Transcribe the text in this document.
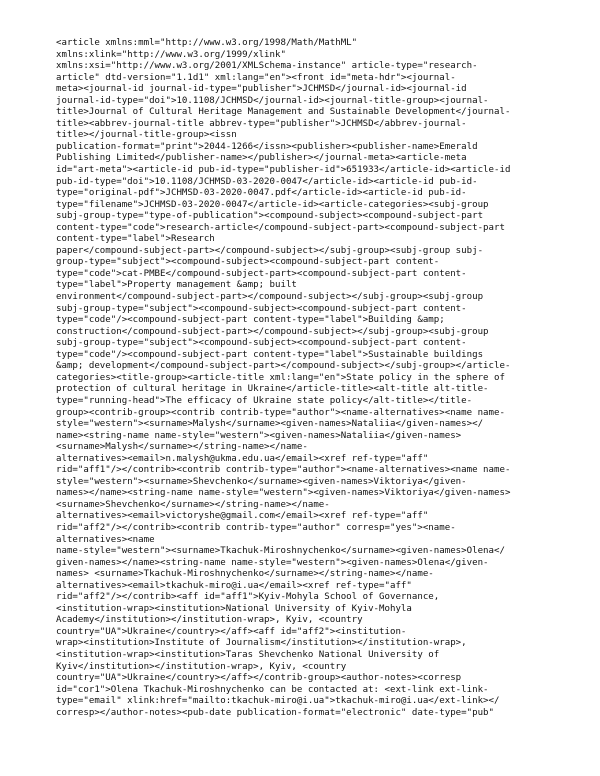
<article xmlns:mml="http://www.w3.org/1998/Math/MathML"
xmlns:xlink="http://www.w3.org/1999/xlink"
xmlns:xsi="http://www.w3.org/2001/XMLSchema-instance" article-type="research-
article" dtd-version="1.1d1" xml:lang="en"><front id="meta-hdr"><journal-
meta><journal-id journal-id-type="publisher">JCHMSD</journal-id><journal-id
journal-id-type="doi">10.1108/JCHMSD</journal-id><journal-title-group><journal-
title>Journal of Cultural Heritage Management and Sustainable Development</journal-
title><abbrev-journal-title abbrev-type="publisher">JCHMSD</abbrev-journal-
title></journal-title-group><issn
publication-format="print">2044-1266</issn><publisher><publisher-name>Emerald
Publishing Limited</publisher-name></publisher></journal-meta><article-meta
id="art-meta"><article-id pub-id-type="publisher-id">651933</article-id><article-id
pub-id-type="doi">10.1108/JCHMSD-03-2020-0047</article-id><article-id pub-id-
type="original-pdf">JCHMSD-03-2020-0047.pdf</article-id><article-id pub-id-
type="filename">JCHMSD-03-2020-0047</article-id><article-categories><subj-group
subj-group-type="type-of-publication"><compound-subject><compound-subject-part
content-type="code">research-article</compound-subject-part><compound-subject-part
content-type="label">Research
paper</compound-subject-part></compound-subject></subj-group><subj-group subj-
group-type="subject"><compound-subject><compound-subject-part content-
type="code">cat-PMBE</compound-subject-part><compound-subject-part content-
type="label">Property management &amp; built
environment</compound-subject-part></compound-subject></subj-group><subj-group
subj-group-type="subject"><compound-subject><compound-subject-part content-
type="code"/><compound-subject-part content-type="label">Building &amp;
construction</compound-subject-part></compound-subject></subj-group><subj-group
subj-group-type="subject"><compound-subject><compound-subject-part content-
type="code"/><compound-subject-part content-type="label">Sustainable buildings
&amp; development</compound-subject-part></compound-subject></subj-group></article-
categories><title-group><article-title xml:lang="en">State policy in the sphere of
protection of cultural heritage in Ukraine</article-title><alt-title alt-title-
type="running-head">The efficacy of Ukraine state policy</alt-title></title-
group><contrib-group><contrib contrib-type="author"><name-alternatives><name name-
style="western"><surname>Malysh</surname><given-names>Nataliia</given-names></
name><string-name name-style="western"><given-names>Nataliia</given-names>
<surname>Malysh</surname></string-name></name-
alternatives><email>n.malysh@ukma.edu.ua</email><xref ref-type="aff"
rid="aff1"/></contrib><contrib contrib-type="author"><name-alternatives><name name-
style="western"><surname>Shevchenko</surname><given-names>Viktoriya</given-
names></name><string-name name-style="western"><given-names>Viktoriya</given-names>
<surname>Shevchenko</surname></string-name></name-
alternatives><email>victoryshe@gmail.com</email><xref ref-type="aff"
rid="aff2"/></contrib><contrib contrib-type="author" corresp="yes"><name-
alternatives><name
name-style="western"><surname>Tkachuk-Miroshnychenko</surname><given-names>Olena</
given-names></name><string-name name-style="western"><given-names>Olena</given-
names> <surname>Tkachuk-Miroshnychenko</surname></string-name></name-
alternatives><email>tkachuk-miro@i.ua</email><xref ref-type="aff"
rid="aff2"/></contrib><aff id="aff1">Kyiv-Mohyla School of Governance,
<institution-wrap><institution>National University of Kyiv-Mohyla
Academy</institution></institution-wrap>, Kyiv, <country
country="UA">Ukraine</country></aff><aff id="aff2"><institution-
wrap><institution>Institute of Journalism</institution></institution-wrap>,
<institution-wrap><institution>Taras Shevchenko National University of
Kyiv</institution></institution-wrap>, Kyiv, <country
country="UA">Ukraine</country></aff></contrib-group><author-notes><corresp
id="cor1">Olena Tkachuk-Miroshnychenko can be contacted at: <ext-link ext-link-
type="email" xlink:href="mailto:tkachuk-miro@i.ua">tkachuk-miro@i.ua</ext-link></
corresp></author-notes><pub-date publication-format="electronic" date-type="pub"
